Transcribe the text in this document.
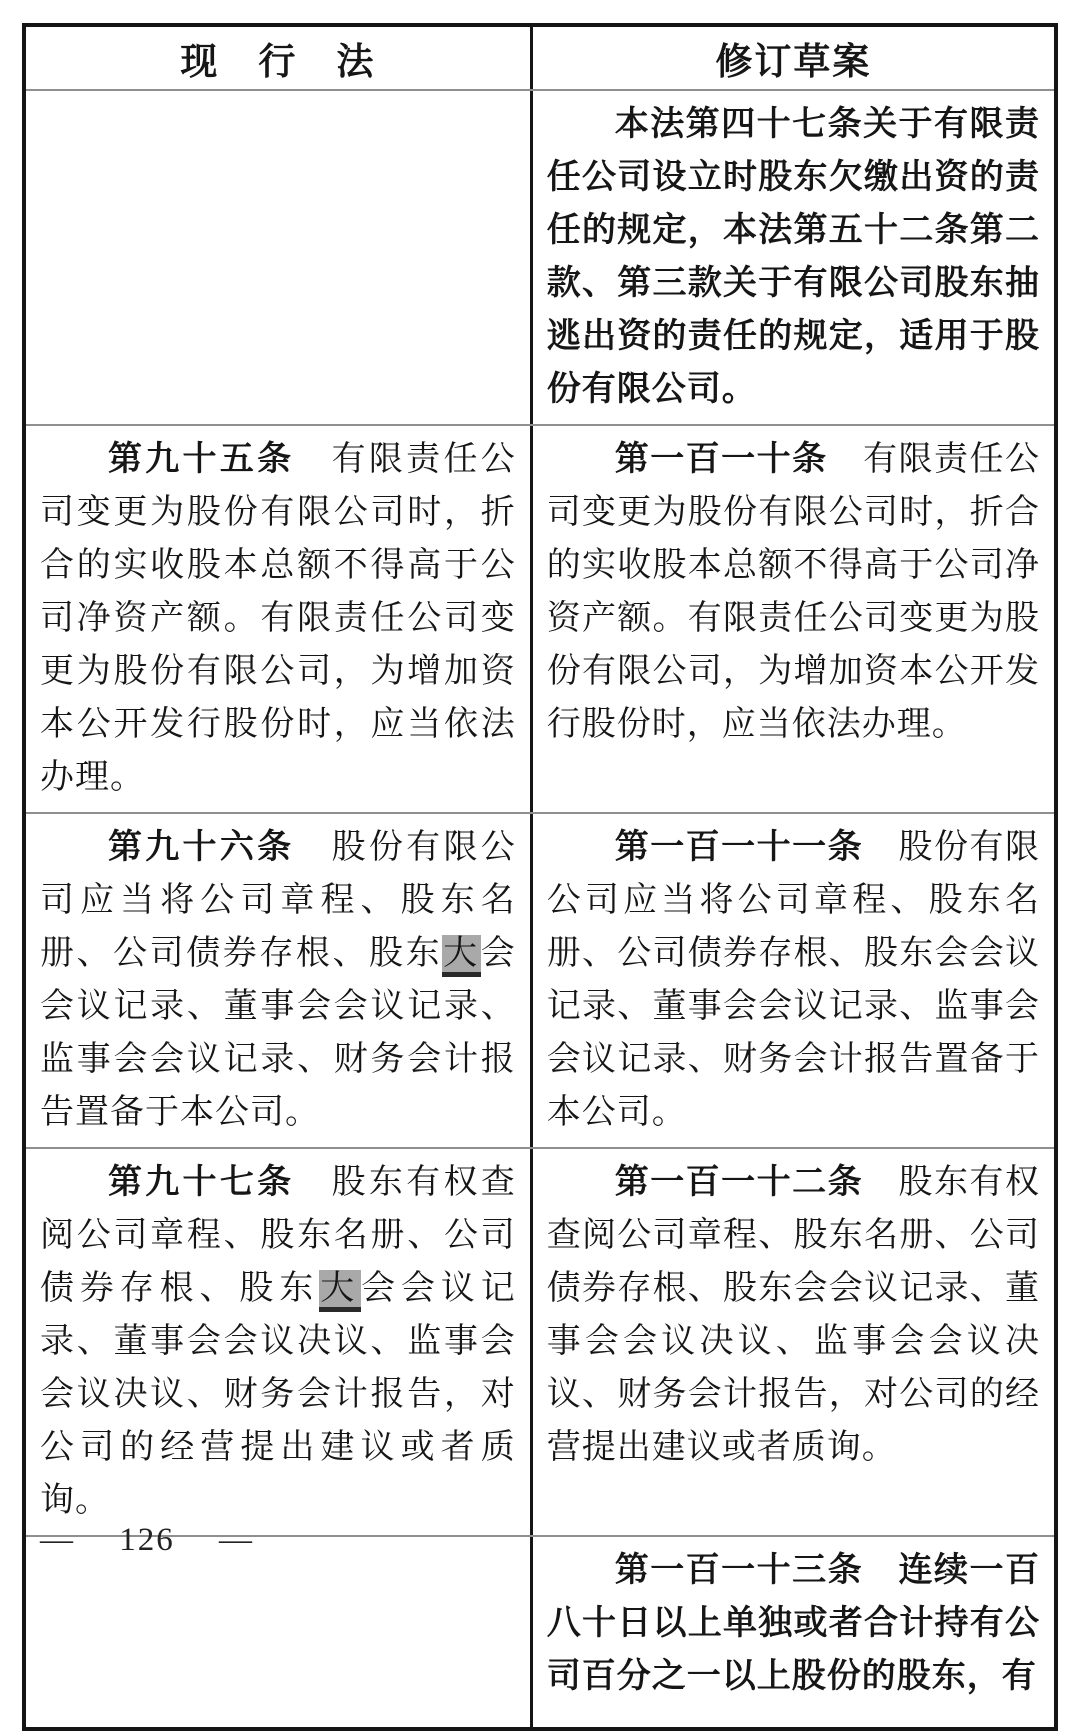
现　行　法	修订草案

本法第四十七条关于有限责任公司设立时股东欠缴出资的责任的规定，本法第五十二条第二款、第三款关于有限公司股东抽逃出资的责任的规定，适用于股份有限公司。

第九十五条　有限责任公司变更为股份有限公司时，折合的实收股本总额不得高于公司净资产额。有限责任公司变更为股份有限公司，为增加资本公开发行股份时，应当依法办理。

第一百一十条　有限责任公司变更为股份有限公司时，折合的实收股本总额不得高于公司净资产额。有限责任公司变更为股份有限公司，为增加资本公开发行股份时，应当依法办理。

第九十六条　股份有限公司应当将公司章程、股东名册、公司债券存根、股东大会会议记录、董事会会议记录、监事会会议记录、财务会计报告置备于本公司。

第一百一十一条　股份有限公司应当将公司章程、股东名册、公司债券存根、股东会会议记录、董事会会议记录、监事会会议记录、财务会计报告置备于本公司。

第九十七条　股东有权查阅公司章程、股东名册、公司债券存根、股东大会会议记录、董事会会议决议、监事会会议决议、财务会计报告，对公司的经营提出建议或者质询。

第一百一十二条　股东有权查阅公司章程、股东名册、公司债券存根、股东会会议记录、董事会会议决议、监事会会议决议、财务会计报告，对公司的经营提出建议或者质询。

第一百一十三条　连续一百八十日以上单独或者合计持有公司百分之一以上股份的股东，有

— 126 —
